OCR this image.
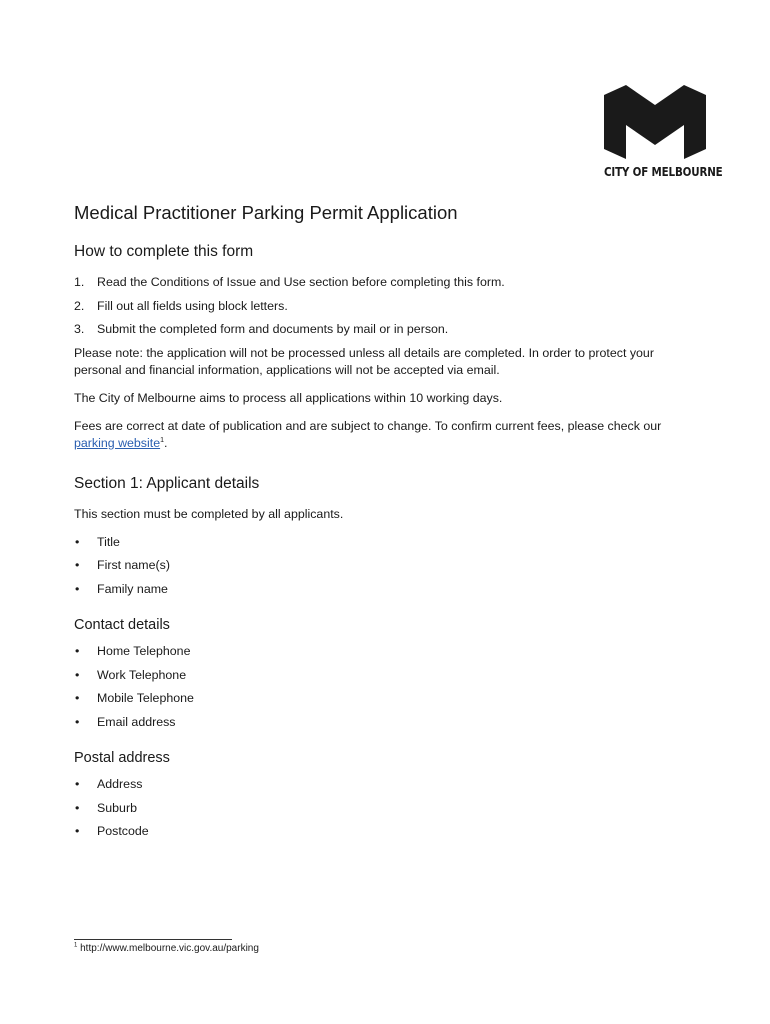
CITY OF MELBOURNE
Medical Practitioner Parking Permit Application
How to complete this form
1. Read the Conditions of Issue and Use section before completing this form.
2. Fill out all fields using block letters.
3. Submit the completed form and documents by mail or in person.

Please note: the application will not be processed unless all details are completed. In order to protect your personal and financial information, applications will not be accepted via email.

The City of Melbourne aims to process all applications within 10 working days.

Fees are correct at date of publication and are subject to change. To confirm current fees, please check our parking website$^1$.

Section 1: Applicant details

This section must be completed by all applicants.

• Title
• First name(s)
• Family name
Contact details
• Home Telephone
• Work Telephone
• Mobile Telephone
• Email address
Postal address
• Address
• Suburb
• Postcode
$^1$ http://www.melbourne.vic.gov.au/parking
